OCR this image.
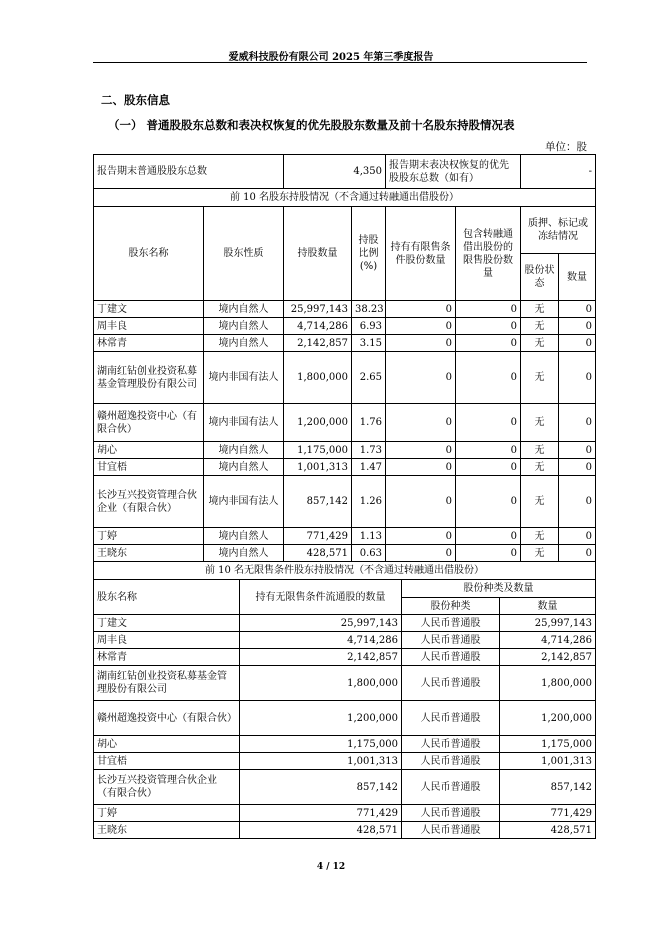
爱威科技股份有限公司 2025 年第三季度报告
二、股东信息
（一） 普通股股东总数和表决权恢复的优先股股东数量及前十名股东持股情况表
单位：股
报告期末普通股股东总数		4,350		报告期末表决权恢复的优先股股东总数（如有）		-	
前 10 名股东持股情况（不含通过转融通出借股份）							
股东名称	股东性质	持股数量	持股比例(%)	持有有限售条件股份数量	包含转融通借出股份的限售股份数量	质押、标记或冻结情况	
						股份状态	数量
丁建文	境内自然人	25,997,143	38.23	0	0	无	0
周丰良	境内自然人	4,714,286	6.93	0	0	无	0
林常青	境内自然人	2,142,857	3.15	0	0	无	0
湖南红钻创业投资私募基金管理股份有限公司	境内非国有法人	1,800,000	2.65	0	0	无	0
赣州超逸投资中心（有限合伙）	境内非国有法人	1,200,000	1.76	0	0	无	0
胡心	境内自然人	1,175,000	1.73	0	0	无	0
甘宜梧	境内自然人	1,001,313	1.47	0	0	无	0
长沙互兴投资管理合伙企业（有限合伙）	境内非国有法人	857,142	1.26	0	0	无	0
丁婷	境内自然人	771,429	1.13	0	0	无	0
王晓东	境内自然人	428,571	0.63	0	0	无	0
前 10 名无限售条件股东持股情况（不含通过转融通出借股份）			
股东名称	持有无限售条件流通股的数量	股份种类及数量	
		股份种类	数量
丁建文	25,997,143	人民币普通股	25,997,143
周丰良	4,714,286	人民币普通股	4,714,286
林常青	2,142,857	人民币普通股	2,142,857
湖南红钻创业投资私募基金管理股份有限公司	1,800,000	人民币普通股	1,800,000
赣州超逸投资中心（有限合伙）	1,200,000	人民币普通股	1,200,000
胡心	1,175,000	人民币普通股	1,175,000
甘宜梧	1,001,313	人民币普通股	1,001,313
长沙互兴投资管理合伙企业（有限合伙）	857,142	人民币普通股	857,142
丁婷	771,429	人民币普通股	771,429
王晓东	428,571	人民币普通股	428,571
4 / 12
